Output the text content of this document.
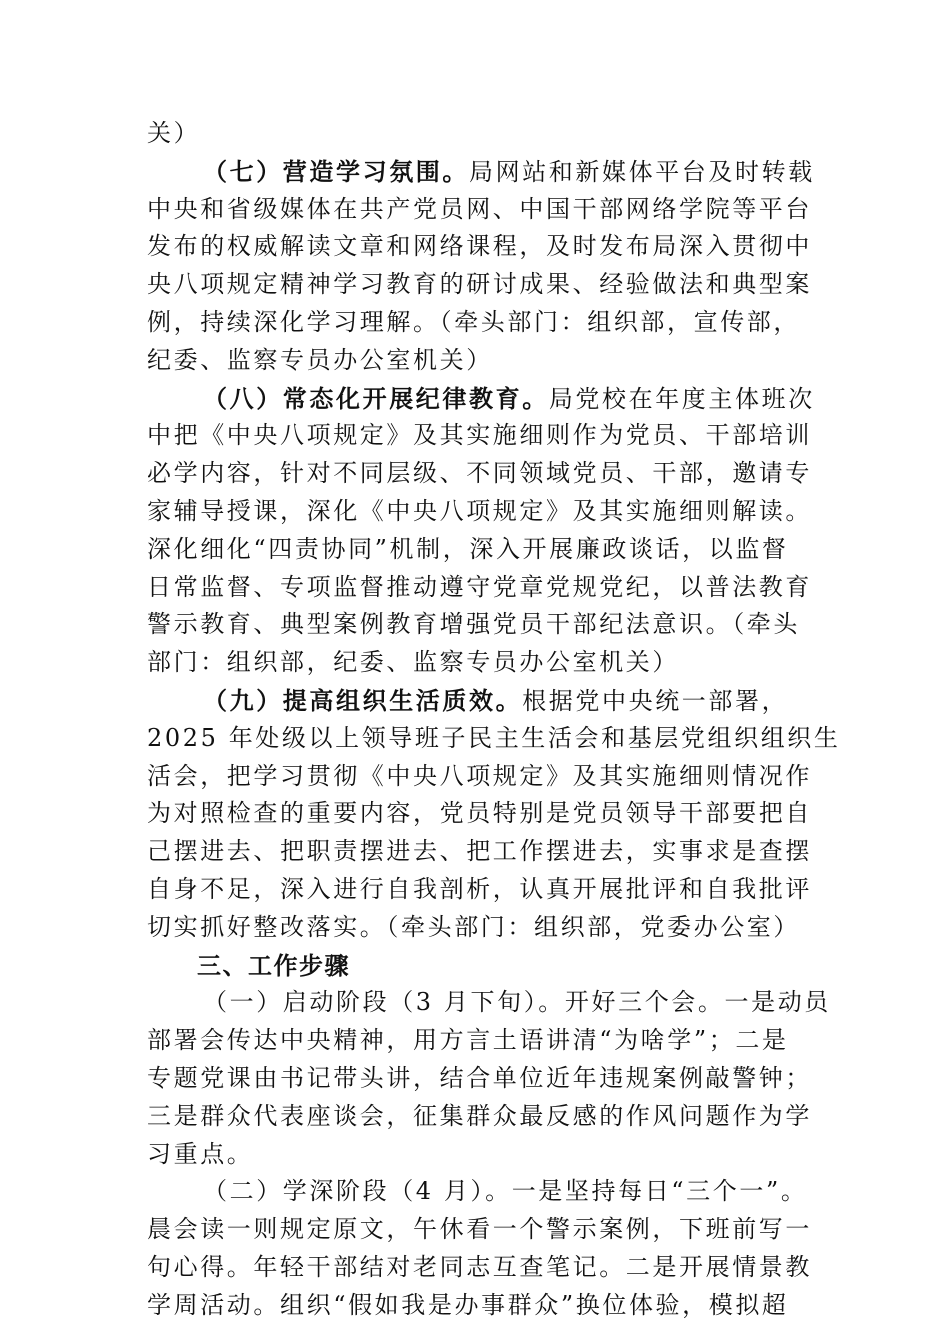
关）
（七）营造学习氛围。局网站和新媒体平台及时转载
中央和省级媒体在共产党员网、中国干部网络学院等平台
发布的权威解读文章和网络课程，及时发布局深入贯彻中
央八项规定精神学习教育的研讨成果、经验做法和典型案
例，持续深化学习理解。（牵头部门：组织部，宣传部，
纪委、监察专员办公室机关）
（八）常态化开展纪律教育。局党校在年度主体班次
中把《中央八项规定》及其实施细则作为党员、干部培训
必学内容，针对不同层级、不同领域党员、干部，邀请专
家辅导授课，深化《中央八项规定》及其实施细则解读。
深化细化“四责协同”机制，深入开展廉政谈话，以监督
日常监督、专项监督推动遵守党章党规党纪，以普法教育
警示教育、典型案例教育增强党员干部纪法意识。（牵头
部门：组织部，纪委、监察专员办公室机关）
（九）提高组织生活质效。根据党中央统一部署，
2025 年处级以上领导班子民主生活会和基层党组织组织生
活会，把学习贯彻《中央八项规定》及其实施细则情况作
为对照检查的重要内容，党员特别是党员领导干部要把自
己摆进去、把职责摆进去、把工作摆进去，实事求是查摆
自身不足，深入进行自我剖析，认真开展批评和自我批评
切实抓好整改落实。（牵头部门：组织部，党委办公室）
三、工作步骤
（一）启动阶段（3 月下旬）。开好三个会。一是动员
部署会传达中央精神，用方言土语讲清“为啥学”；二是
专题党课由书记带头讲，结合单位近年违规案例敲警钟；
三是群众代表座谈会，征集群众最反感的作风问题作为学
习重点。
（二）学深阶段（4 月）。一是坚持每日“三个一”。
晨会读一则规定原文，午休看一个警示案例，下班前写一
句心得。年轻干部结对老同志互查笔记。二是开展情景教
学周活动。组织“假如我是办事群众”换位体验，模拟超
